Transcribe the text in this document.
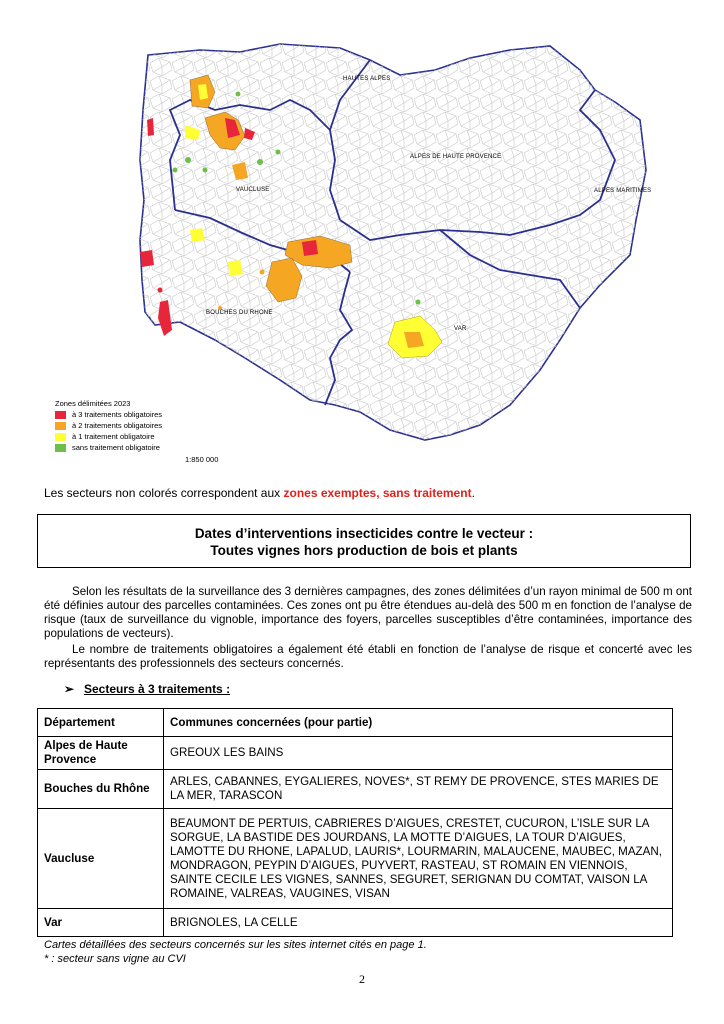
HAUTES ALPES
ALPES DE HAUTE PROVENCE
ALPES MARITIMES
VAUCLUSE
BOUCHES DU RHONE
VAR
Zones délimitées 2023
à 3 traitements obligatoires
à 2 traitements obligatoires
à 1 traitement obligatoire
sans traitement obligatoire
1:850 000
Les secteurs non colorés correspondent aux zones exemptes, sans traitement.
Dates d’interventions insecticides contre le vecteur :
Toutes vignes hors production de bois et plants
Selon les résultats de la surveillance des 3 dernières campagnes, des zones délimitées d’un rayon minimal de 500 m ont été définies autour des parcelles contaminées. Ces zones ont pu être étendues au-delà des 500 m en fonction de l’analyse de risque (taux de surveillance du vignoble, importance des foyers, parcelles susceptibles d’être contaminées, importance des populations de vecteurs).
Le nombre de traitements obligatoires a également été établi en fonction de l’analyse de risque et concerté avec les représentants des professionnels des secteurs concernés.
➢ Secteurs à 3 traitements :
Département	Communes concernées (pour partie)
Alpes de Haute Provence	GREOUX LES BAINS
Bouches du Rhône	ARLES, CABANNES, EYGALIERES, NOVES*, ST REMY DE PROVENCE, STES MARIES DE LA MER, TARASCON
Vaucluse	BEAUMONT DE PERTUIS, CABRIERES D’AIGUES, CRESTET, CUCURON, L’ISLE SUR LA SORGUE, LA BASTIDE DES JOURDANS, LA MOTTE D’AIGUES, LA TOUR D’AIGUES, LAMOTTE DU RHONE, LAPALUD, LAURIS*, LOURMARIN, MALAUCENE, MAUBEC, MAZAN, MONDRAGON, PEYPIN D’AIGUES, PUYVERT, RASTEAU, ST ROMAIN EN VIENNOIS, SAINTE CECILE LES VIGNES, SANNES, SEGURET, SERIGNAN DU COMTAT, VAISON LA ROMAINE, VALREAS, VAUGINES, VISAN
Var	BRIGNOLES, LA CELLE
Cartes détaillées des secteurs concernés sur les sites internet cités en page 1.
* : secteur sans vigne au CVI
2
